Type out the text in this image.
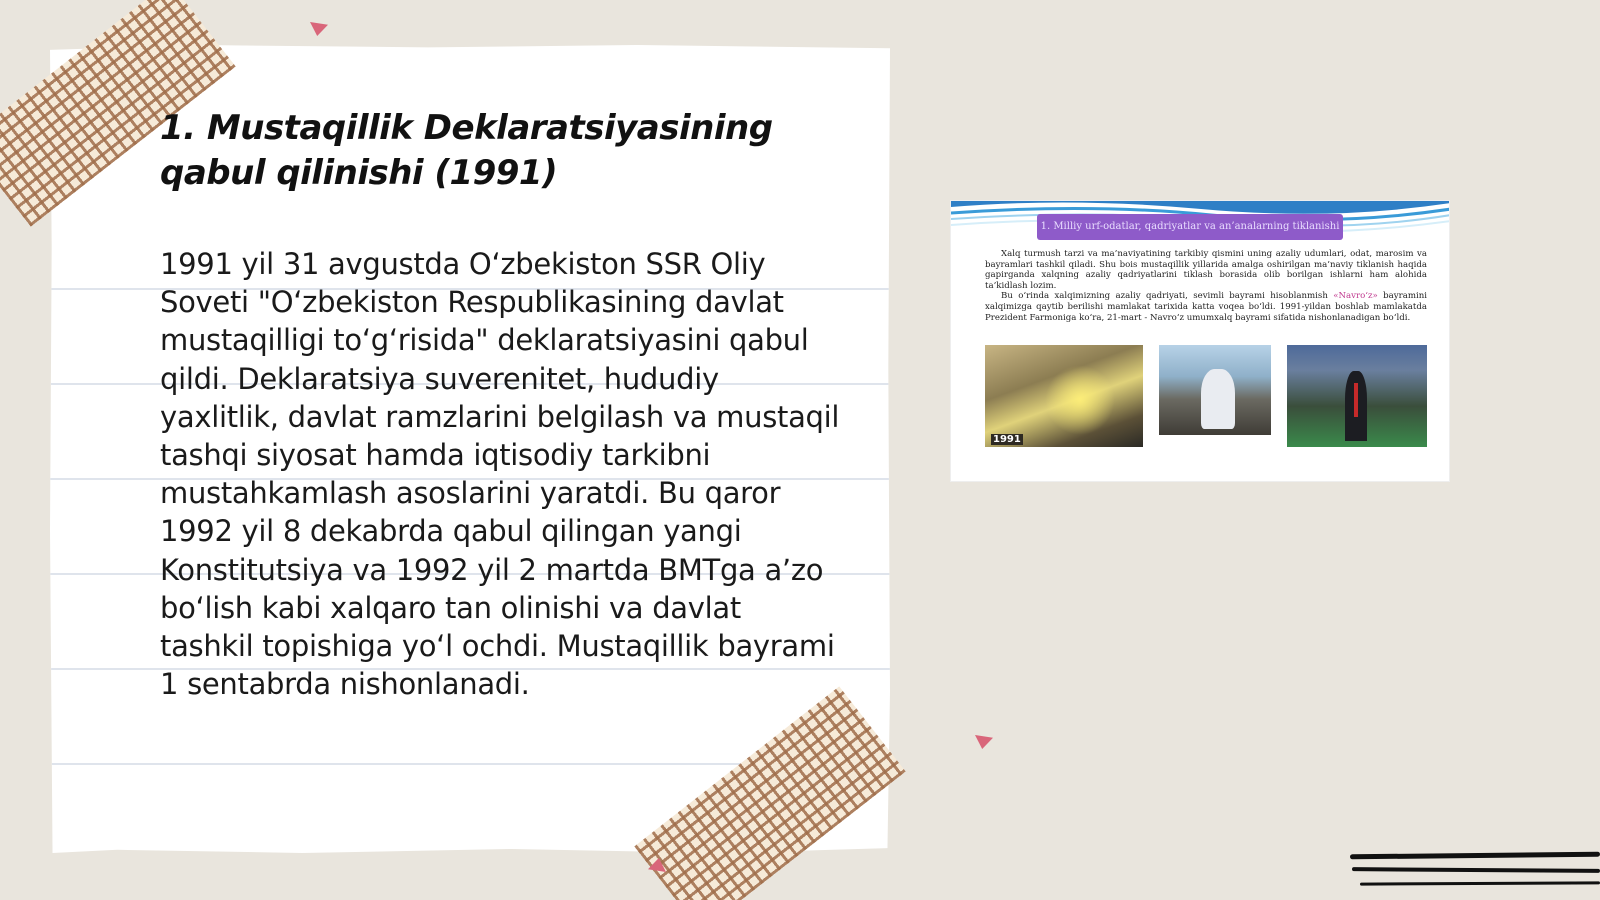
1. Mustaqillik Deklaratsiyasining qabul qilinishi (1991)
1991 yil 31 avgustda O‘zbekiston SSR Oliy Soveti "O‘zbekiston Respublikasining davlat mustaqilligi to‘g‘risida" deklaratsiyasini qabul qildi. Deklaratsiya suverenitet, hududiy yaxlitlik, davlat ramzlarini belgilash va mustaqil tashqi siyosat hamda iqtisodiy tarkibni mustahkamlash asoslarini yaratdi. Bu qaror 1992 yil 8 dekabrda qabul qilingan yangi Konstitutsiya va 1992 yil 2 martda BMTga a’zo bo‘lish kabi xalqaro tan olinishi va davlat tashkil topishiga yo‘l ochdi. Mustaqillik bayrami 1 sentabrda nishonlanadi.
1. Milliy urf-odatlar, qadriyatlar va an’analarning tiklanishi

Xalq turmush tarzi va ma’naviyatining tarkibiy qismini uning azaliy udumlari, odat, marosim va bayramlari tashkil qiladi. Shu bois mustaqillik yillarida amalga oshirilgan ma’naviy tiklanish haqida gapirganda xalqning azaliy qadriyatlarini tiklash borasida olib borilgan ishlarni ham alohida ta’kidlash lozim.

Bu o‘rinda xalqimizning azaliy qadriyati, sevimli bayrami hisoblanmish «Navro‘z» bayramini xalqimizga qaytib berilishi mamlakat tarixida katta voqea bo‘ldi. 1991-yildan boshlab mamlakatda Prezident Farmoniga ko‘ra, 21-mart - Navro‘z umumxalq bayrami sifatida nishonlanadigan bo‘ldi.

1991
